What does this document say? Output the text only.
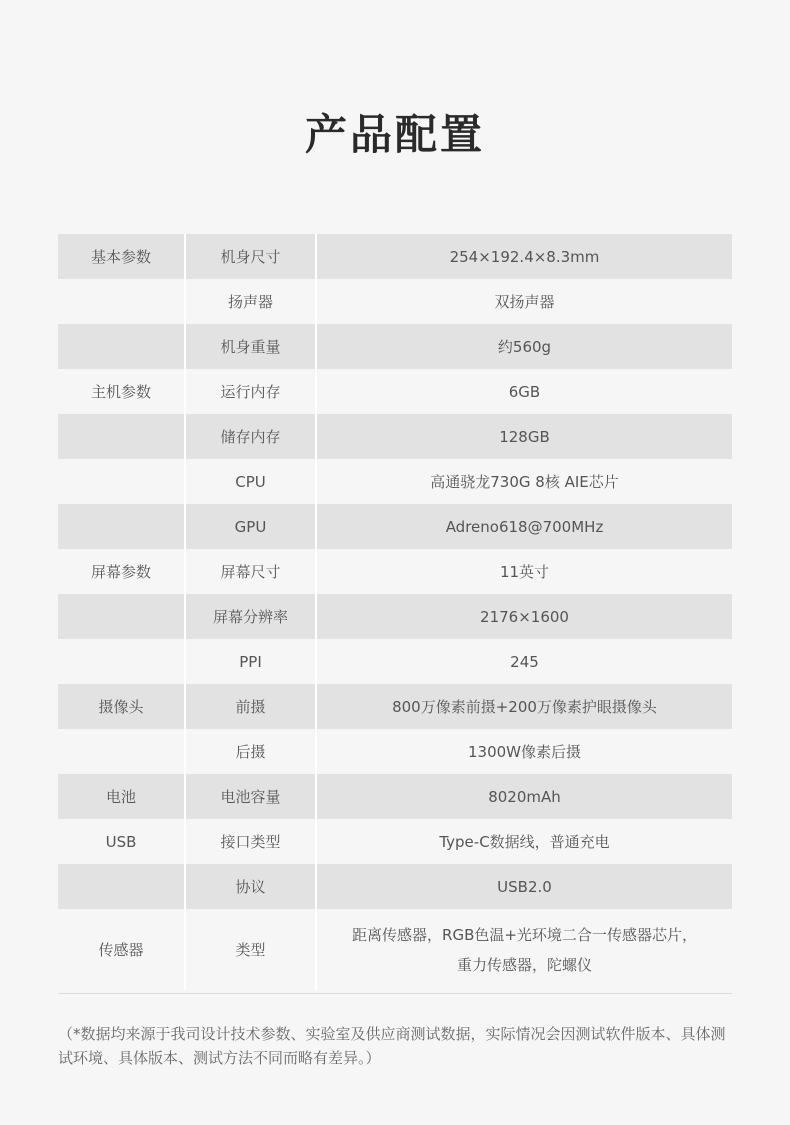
产品配置
基本参数	机身尺寸	254×192.4×8.3mm
	扬声器	双扬声器
	机身重量	约560g
主机参数	运行内存	6GB
	储存内存	128GB
	CPU	高通骁龙730G 8核 AIE芯片
	GPU	Adreno618@700MHz
屏幕参数	屏幕尺寸	11英寸
	屏幕分辨率	2176×1600
	PPI	245
摄像头	前摄	800万像素前摄+200万像素护眼摄像头
	后摄	1300W像素后摄
电池	电池容量	8020mAh
USB	接口类型	Type-C数据线，普通充电
	协议	USB2.0
传感器	类型	距离传感器，RGB色温+光环境二合一传感器芯片，
重力传感器，陀螺仪
（*数据均来源于我司设计技术参数、实验室及供应商测试数据，实际情况会因测试软件版本、具体测试环境、具体版本、测试方法不同而略有差异。）
